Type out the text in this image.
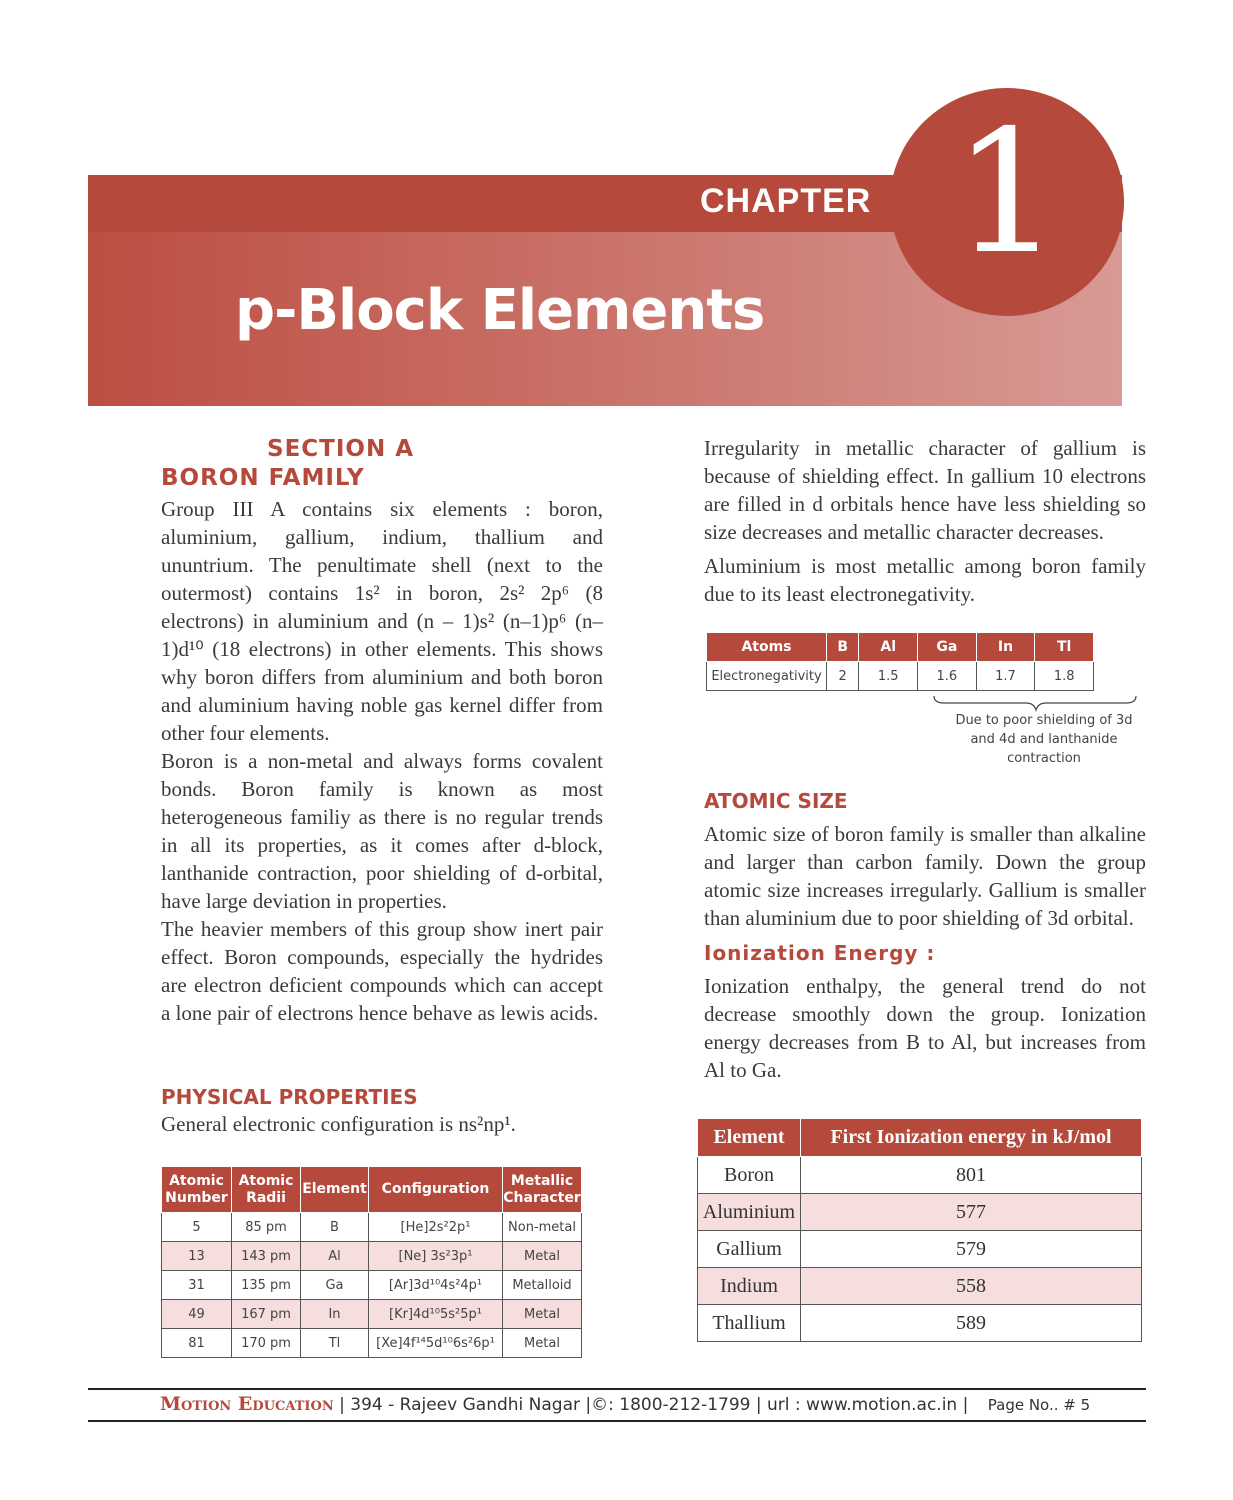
CHAPTER
p-Block Elements
1
SECTION A
BORON FAMILY
Group III A contains six elements : boron, aluminium, gallium, indium, thallium and ununtrium. The penultimate shell (next to the outermost) contains 1s² in boron, 2s² 2p⁶ (8 electrons) in aluminium and (n – 1)s² (n–1)p⁶ (n–1)d¹⁰ (18 electrons) in other elements. This shows why boron differs from aluminium and both boron and aluminium having noble gas kernel differ from other four elements.
Boron is a non-metal and always forms covalent bonds. Boron family is known as most heterogeneous familiy as there is no regular trends in all its properties, as it comes after d-block, lanthanide contraction, poor shielding of d-orbital, have large deviation in properties.
The heavier members of this group show inert pair effect. Boron compounds, especially the hydrides are electron deficient compounds which can accept a lone pair of electrons hence behave as lewis acids.
PHYSICAL PROPERTIES
General electronic configuration is ns²np¹.
Atomic Number	Atomic Radii	Element	Configuration	Metallic Character
5	85 pm	B	[He]2s²2p¹	Non-metal
13	143 pm	Al	[Ne] 3s²3p¹	Metal
31	135 pm	Ga	[Ar]3d¹⁰4s²4p¹	Metalloid
49	167 pm	In	[Kr]4d¹⁰5s²5p¹	Metal
81	170 pm	Tl	[Xe]4f¹⁴5d¹⁰6s²6p¹	Metal
Irregularity in metallic character of gallium is because of shielding effect. In gallium 10 electrons are filled in d orbitals hence have less shielding so size decreases and metallic character decreases.
Aluminium is most metallic among boron family due to its least electronegativity.
Atoms	B	Al	Ga	In	Tl
Electronegativity	2	1.5	1.6	1.7	1.8
Due to poor shielding of 3d and 4d and lanthanide contraction
ATOMIC SIZE
Atomic size of boron family is smaller than alkaline and larger than carbon family. Down the group atomic size increases irregularly. Gallium is smaller than aluminium due to poor shielding of 3d orbital.
Ionization Energy :
Ionization enthalpy, the general trend do not decrease smoothly down the group. Ionization energy decreases from B to Al, but increases from Al to Ga.
Element	First Ionization energy in kJ/mol
Boron	801
Aluminium	577
Gallium	579
Indium	558
Thallium	589
Motion Education | 394 - Rajeev Gandhi Nagar |©: 1800-212-1799 | url : www.motion.ac.in | Page No.. # 5
